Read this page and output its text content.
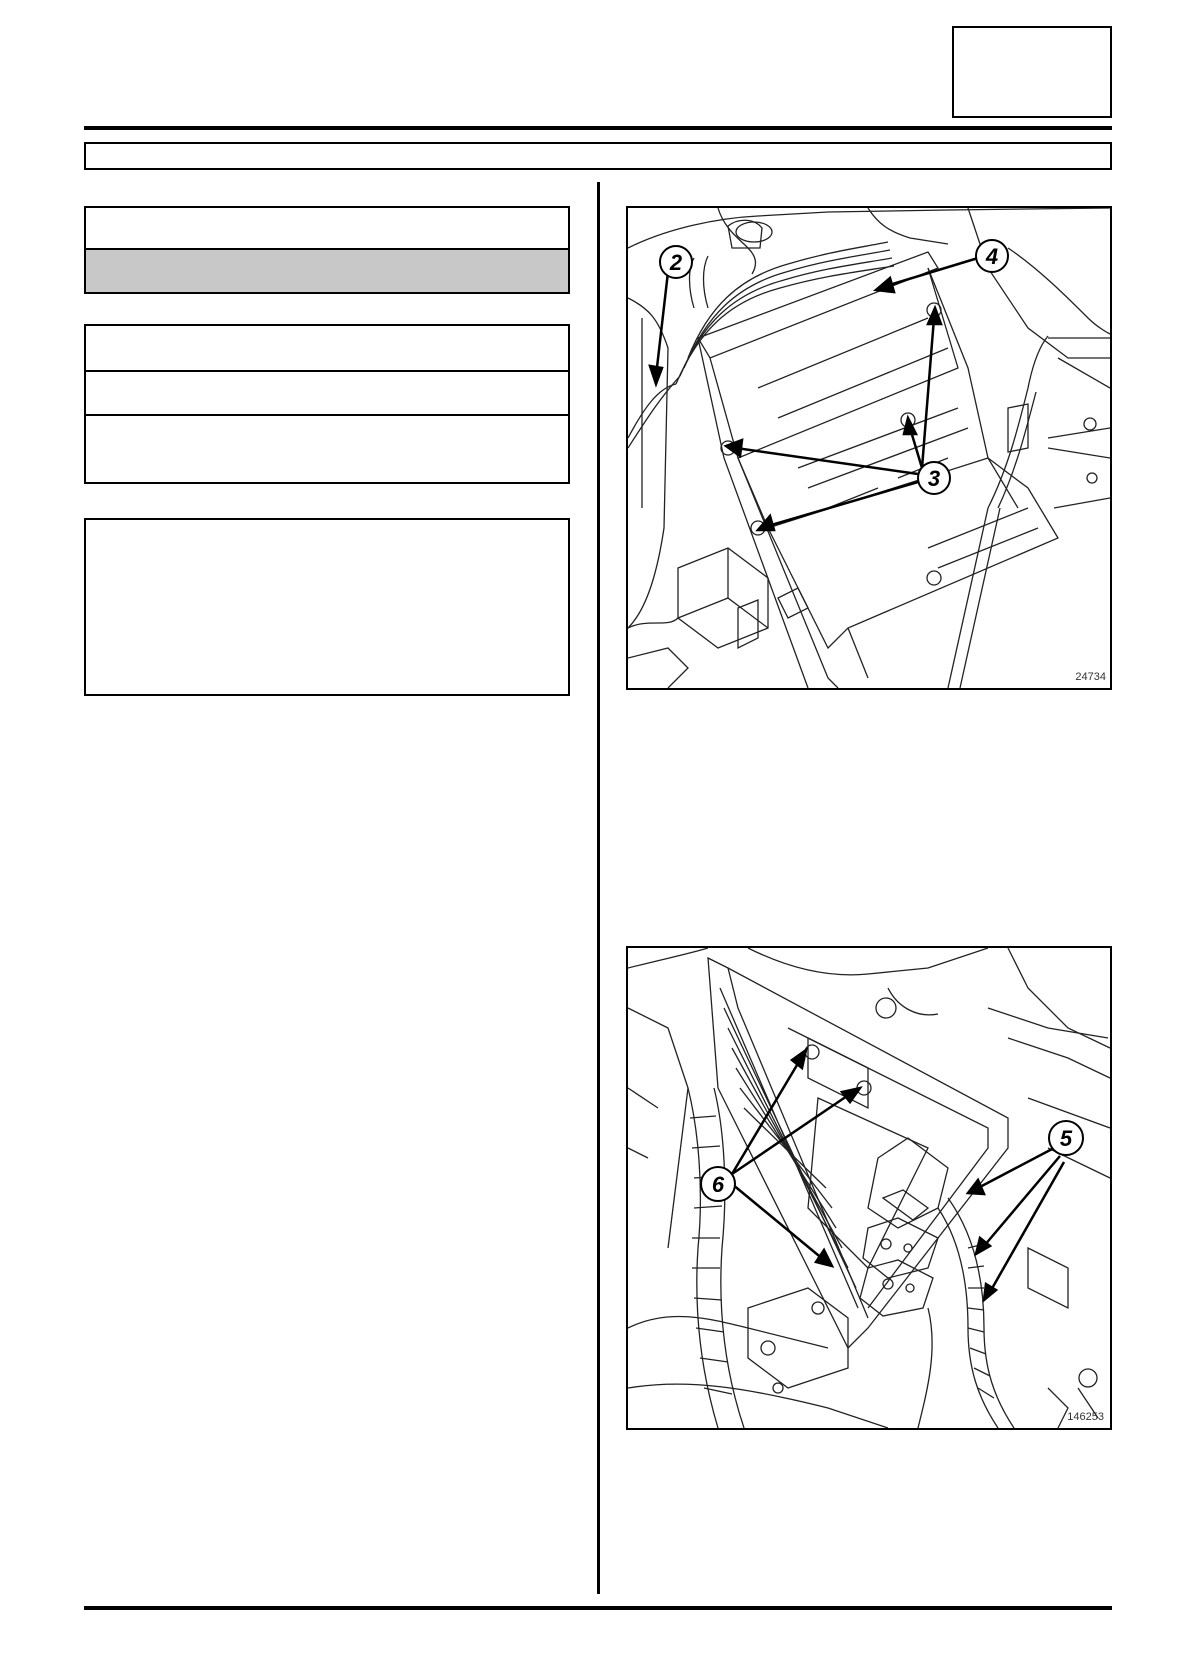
2	4
3
24734
6
5
146253
